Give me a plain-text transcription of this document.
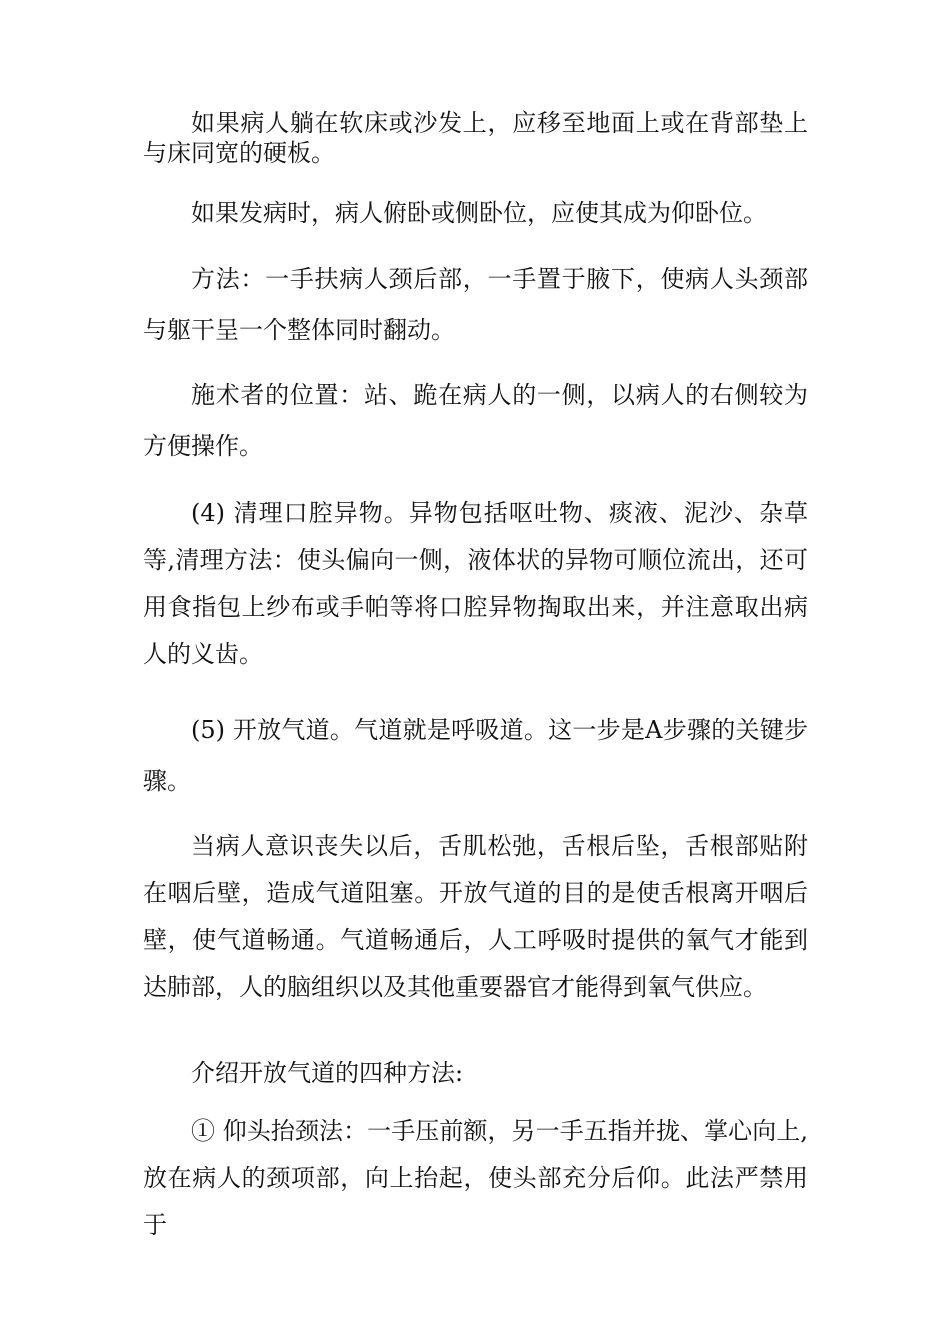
如果病人躺在软床或沙发上，应移至地面上或在背部垫上与床同宽的硬板。

如果发病时，病人俯卧或侧卧位，应使其成为仰卧位。

方法：一手扶病人颈后部，一手置于腋下，使病人头颈部与躯干呈一个整体同时翻动。

施术者的位置：站、跪在病人的一侧，以病人的右侧较为方便操作。

(4) 清理口腔异物。异物包括呕吐物、痰液、泥沙、杂草等,清理方法：使头偏向一侧，液体状的异物可顺位流出，还可用食指包上纱布或手帕等将口腔异物掏取出来，并注意取出病人的义齿。

(5) 开放气道。气道就是呼吸道。这一步是A步骤的关键步骤。

当病人意识丧失以后，舌肌松弛，舌根后坠，舌根部贴附在咽后壁，造成气道阻塞。开放气道的目的是使舌根离开咽后壁，使气道畅通。气道畅通后，人工呼吸时提供的氧气才能到达肺部，人的脑组织以及其他重要器官才能得到氧气供应。

介绍开放气道的四种方法:

① 仰头抬颈法：一手压前额，另一手五指并拢、掌心向上,放在病人的颈项部，向上抬起，使头部充分后仰。此法严禁用于
